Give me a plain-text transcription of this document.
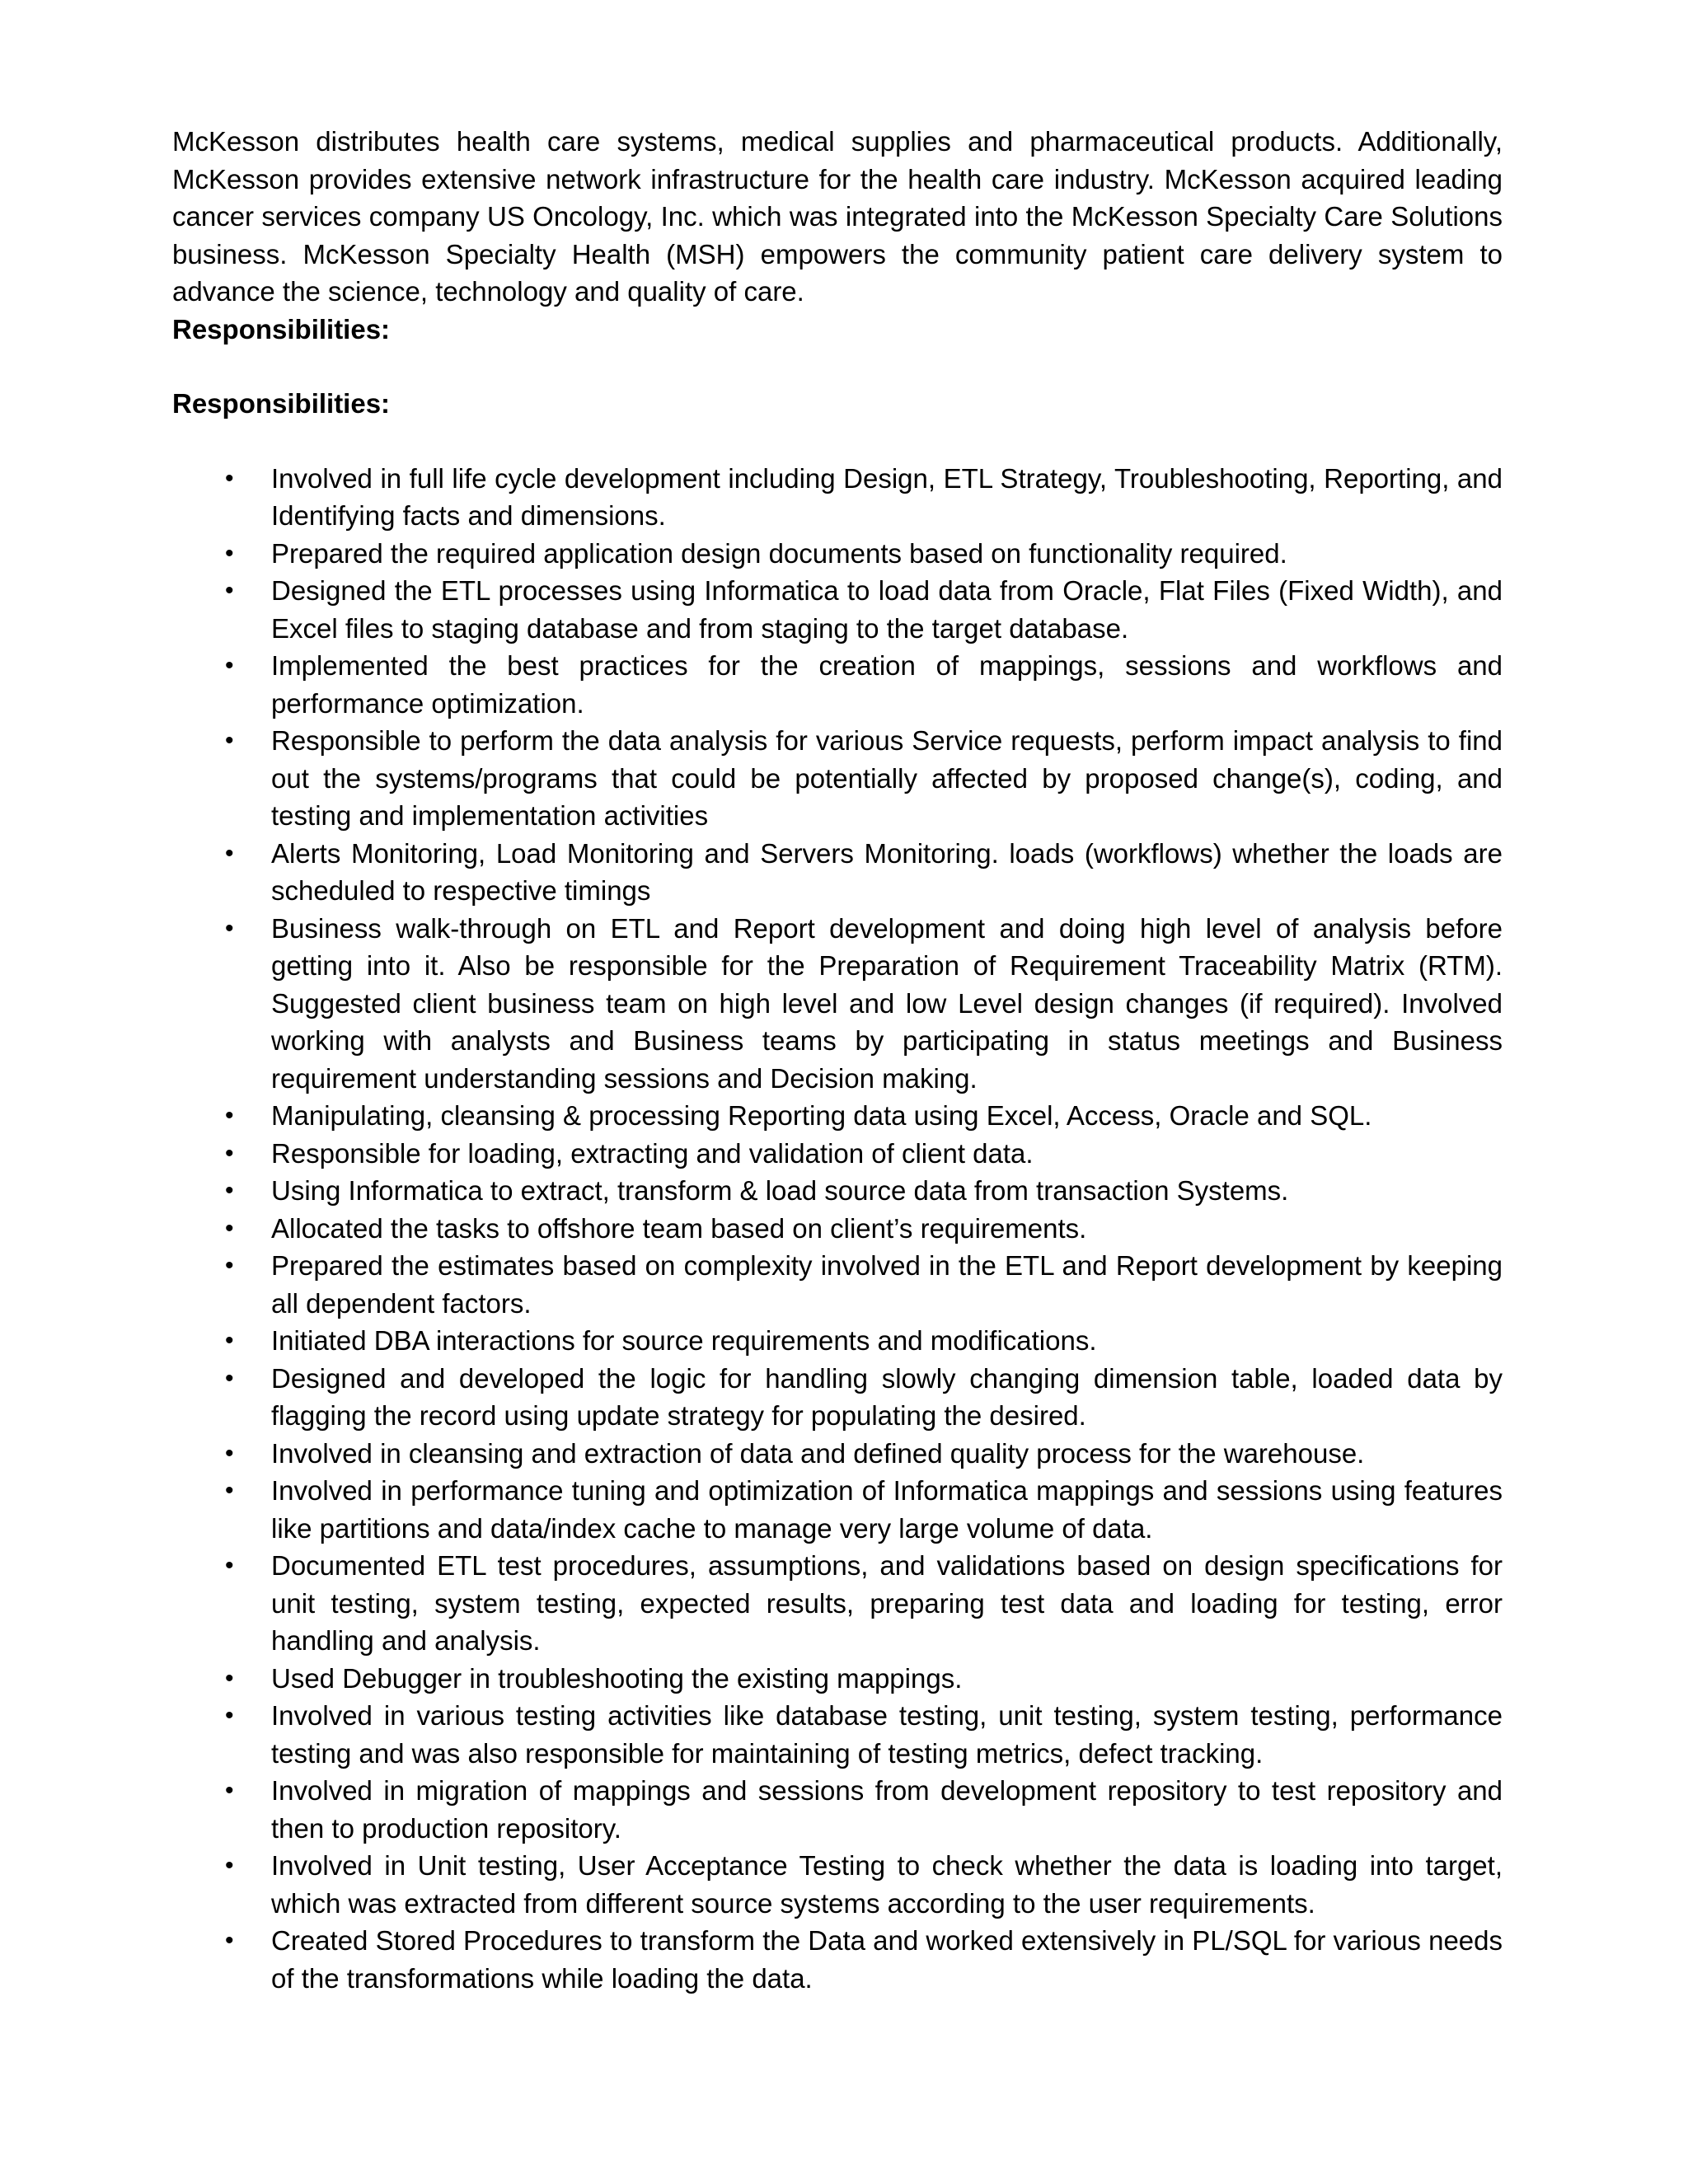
McKesson distributes health care systems, medical supplies and pharmaceutical products. Additionally, McKesson provides extensive network infrastructure for the health care industry. McKesson acquired leading cancer services company US Oncology, Inc. which was integrated into the McKesson Specialty Care Solutions business. McKesson Specialty Health (MSH) empowers the community patient care delivery system to advance the science, technology and quality of care.

Responsibilities:

Responsibilities:

• Involved in full life cycle development including Design, ETL Strategy, Troubleshooting, Reporting, and Identifying facts and dimensions.
• Prepared the required application design documents based on functionality required.
• Designed the ETL processes using Informatica to load data from Oracle, Flat Files (Fixed Width), and Excel files to staging database and from staging to the target database.
• Implemented the best practices for the creation of mappings, sessions and workflows and performance optimization.
• Responsible to perform the data analysis for various Service requests, perform impact analysis to find out the systems/programs that could be potentially affected by proposed change(s), coding, and testing and implementation activities
• Alerts Monitoring, Load Monitoring and Servers Monitoring. loads (workflows) whether the loads are scheduled to respective timings
• Business walk-through on ETL and Report development and doing high level of analysis before getting into it. Also be responsible for the Preparation of Requirement Traceability Matrix (RTM). Suggested client business team on high level and low Level design changes (if required). Involved working with analysts and Business teams by participating in status meetings and Business requirement understanding sessions and Decision making.
• Manipulating, cleansing & processing Reporting data using Excel, Access, Oracle and SQL.
• Responsible for loading, extracting and validation of client data.
• Using Informatica to extract, transform & load source data from transaction Systems.
• Allocated the tasks to offshore team based on client’s requirements.
• Prepared the estimates based on complexity involved in the ETL and Report development by keeping all dependent factors.
• Initiated DBA interactions for source requirements and modifications.
• Designed and developed the logic for handling slowly changing dimension table, loaded data by flagging the record using update strategy for populating the desired.
• Involved in cleansing and extraction of data and defined quality process for the warehouse.
• Involved in performance tuning and optimization of Informatica mappings and sessions using features like partitions and data/index cache to manage very large volume of data.
• Documented ETL test procedures, assumptions, and validations based on design specifications for unit testing, system testing, expected results, preparing test data and loading for testing, error handling and analysis.
• Used Debugger in troubleshooting the existing mappings.
• Involved in various testing activities like database testing, unit testing, system testing, performance testing and was also responsible for maintaining of testing metrics, defect tracking.
• Involved in migration of mappings and sessions from development repository to test repository and then to production repository.
• Involved in Unit testing, User Acceptance Testing to check whether the data is loading into target, which was extracted from different source systems according to the user requirements.
• Created Stored Procedures to transform the Data and worked extensively in PL/SQL for various needs of the transformations while loading the data.
